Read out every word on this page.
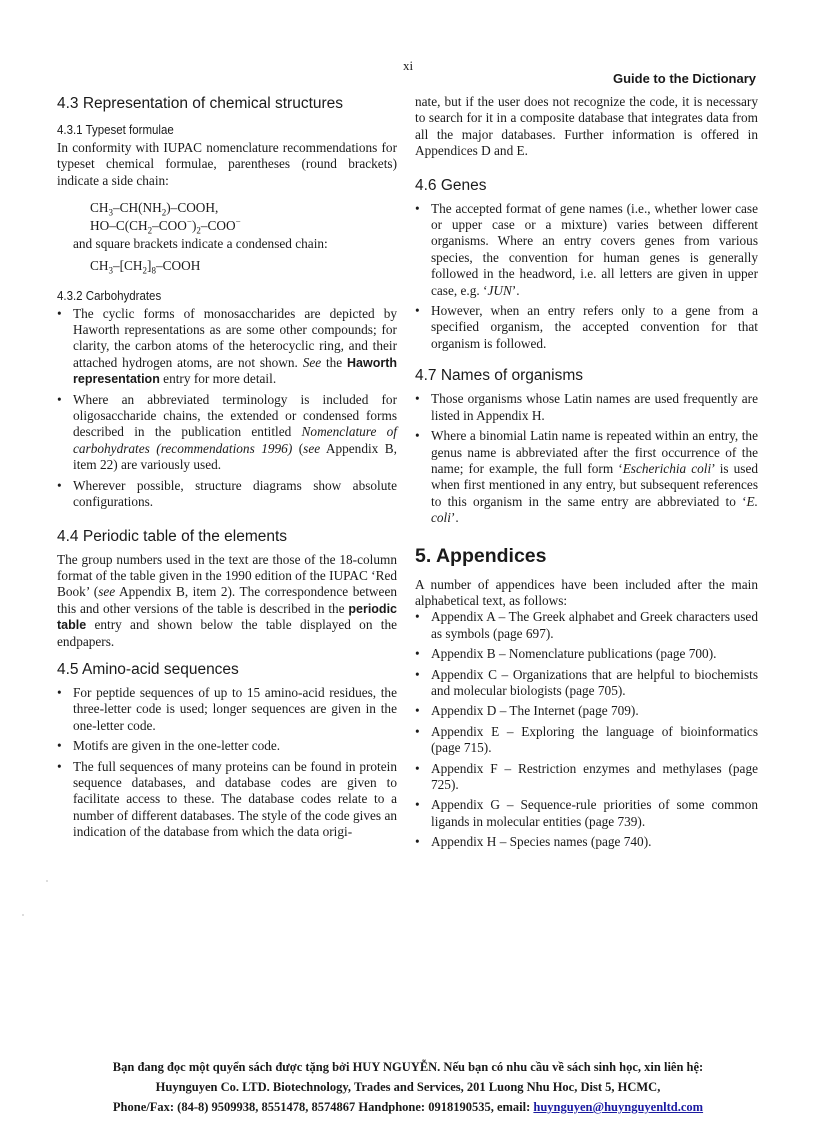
xi
Guide to the Dictionary
4.3 Representation of chemical structures
4.3.1 Typeset formulae

In conformity with IUPAC nomenclature recommendations for typeset chemical formulae, parentheses (round brackets) indicate a side chain:

$CH_3-CH(NH_2)$–COOH,
$HO-C(CH_2-COO^-)_2-COO^-$

and square brackets indicate a condensed chain:

$CH_3-[CH_2]_8$–COOH
4.3.2 Carbohydrates
• The cyclic forms of monosaccharides are depicted by Haworth representations as are some other compounds; for clarity, the carbon atoms of the heterocyclic ring, and their attached hydrogen atoms, are not shown. See the Haworth representation entry for more detail.
• Where an abbreviated terminology is included for oligosaccharide chains, the extended or condensed forms described in the publication entitled Nomenclature of carbohydrates (recommendations 1996) (see Appendix B, item 22) are variously used.
• Wherever possible, structure diagrams show absolute configurations.
4.4 Periodic table of the elements

The group numbers used in the text are those of the 18-column format of the table given in the 1990 edition of the IUPAC ‘Red Book’ (see Appendix B, item 2). The correspondence between this and other versions of the table is described in the periodic table entry and shown below the table displayed on the endpapers.

4.5 Amino-acid sequences
• For peptide sequences of up to 15 amino-acid residues, the three-letter code is used; longer sequences are given in the one-letter code.
• Motifs are given in the one-letter code.
• The full sequences of many proteins can be found in protein sequence databases, and database codes are given to facilitate access to these. The database codes relate to a number of different databases. The style of the code gives an indication of the database from which the data origi-

nate, but if the user does not recognize the code, it is necessary to search for it in a composite database that integrates data from all the major databases. Further information is offered in Appendices D and E.

4.6 Genes
• The accepted format of gene names (i.e., whether lower case or upper case or a mixture) varies between different organisms. Where an entry covers genes from various species, the convention for human genes is generally followed in the headword, i.e. all letters are given in upper case, e.g. ‘JUN’.
• However, when an entry refers only to a gene from a specified organism, the accepted convention for that organism is followed.
4.7 Names of organisms
• Those organisms whose Latin names are used frequently are listed in Appendix H.
• Where a binomial Latin name is repeated within an entry, the genus name is abbreviated after the first occurrence of the name; for example, the full form ‘Escherichia coli’ is used when first mentioned in any entry, but subsequent references to this organism in the same entry are abbreviated to ‘E. coli’.
5. Appendices

A number of appendices have been included after the main alphabetical text, as follows:

• Appendix A – The Greek alphabet and Greek characters used as symbols (page 697).
• Appendix B – Nomenclature publications (page 700).
• Appendix C – Organizations that are helpful to biochemists and molecular biologists (page 705).
• Appendix D – The Internet (page 709).
• Appendix E – Exploring the language of bioinformatics (page 715).
• Appendix F – Restriction enzymes and methylases (page 725).
• Appendix G – Sequence-rule priorities of some common ligands in molecular entities (page 739).
• Appendix H – Species names (page 740).
Bạn đang đọc một quyển sách được tặng bởi HUY NGUYỄN. Nếu bạn có nhu cầu về sách sinh học, xin liên hệ:
Huynguyen Co. LTD. Biotechnology, Trades and Services, 201 Luong Nhu Hoc, Dist 5, HCMC,
Phone/Fax: (84-8) 9509938, 8551478, 8574867 Handphone: 0918190535, email: huynguyen@huynguyenltd.com
